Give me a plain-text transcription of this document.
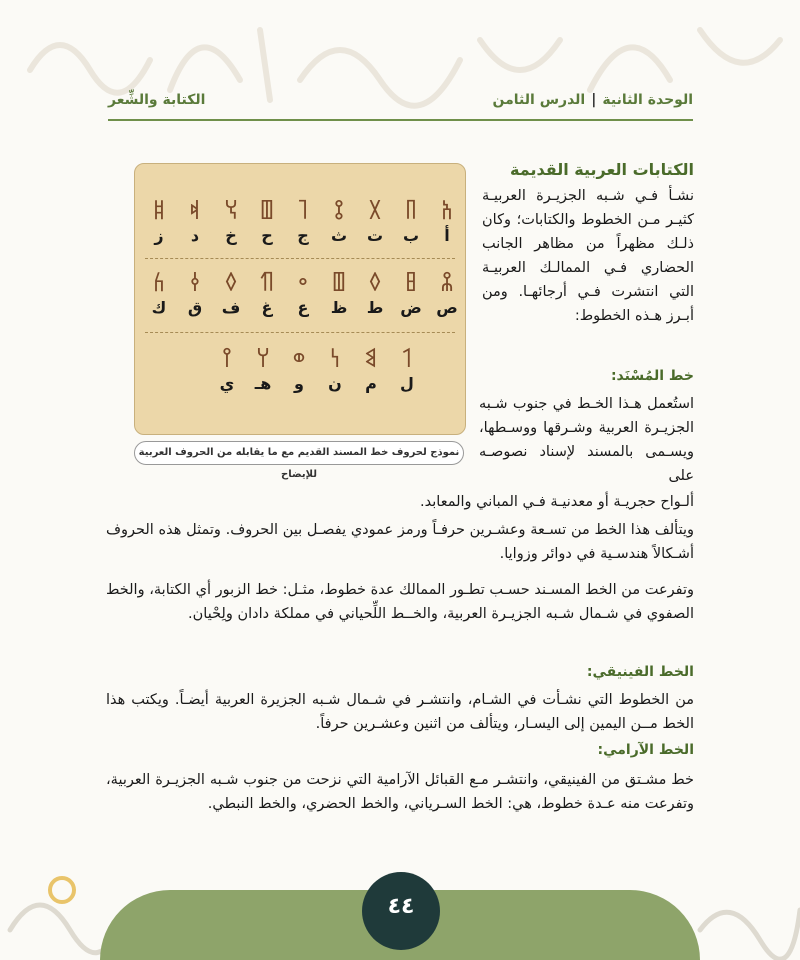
الوحدة الثانية|الدرس الثامن
الكتابة والشِّعر
𐩱𐩨𐩩𐩻𐩴𐩷𐩭𐩵𐩹
أبتثجحخدز
𐩮𐩳𐩰𐩷𐩲𐩶𐩰𐩤𐩫
صضطظعغفقك
𐩡𐩣𐩬𐩥𐩠𐩺
لمنوهـي
نموذج لحروف خط المسند القديم مع ما يقابله من الحروف العربية للإيضاح
الكتابات العربية القديمة
نشـأ فـي شـبه الجزيـرة العربيـة كثيـر مـن الخطوط والكتابات؛ وكان ذلـك مظهراً من مظاهر الجانب الحضاري فـي الممالـك العربيـة التي انتشرت فـي أرجائهـا. ومن أبـرز هـذه الخطوط:
خط المُسْنَد:
استُعمل هـذا الخـط في جنوب شـبه الجزيـرة العربية وشـرقها ووسـطها، ويسـمى بالمسند لإسناد نصوصـه على
ألـواح حجريـة أو معدنيـة فـي المباني والمعابد.
ويتألف هذا الخط من تسـعة وعشـرين حرفـاً ورمز عمودي يفصـل بين الحروف. وتمثل هذه الحروف أشـكالاً هندسـية في دوائر وزوايا.
وتفرعت من الخط المسـند حسـب تطـور الممالك عدة خطوط، مثـل: خط الزبور أي الكتابة، والخط الصفوي في شـمال شـبه الجزيـرة العربية، والخــط اللِّحياني في مملكة دادان ولِحْيان.
الخط الفينيقي:
من الخطوط التي نشـأت في الشـام، وانتشـر في شـمال شـبه الجزيرة العربية أيضـاً. ويكتب هذا الخط مــن اليمين إلى اليسـار، ويتألف من اثنين وعشـرين حرفاً.
الخط الآرامي:
خط مشـتق من الفينيقي، وانتشـر مـع القبائل الآرامية التي نزحت من جنوب شـبه الجزيـرة العربية، وتفرعت منه عـدة خطوط، هي: الخط السـرياني، والخط الحضري، والخط النبطي.
٤٤
